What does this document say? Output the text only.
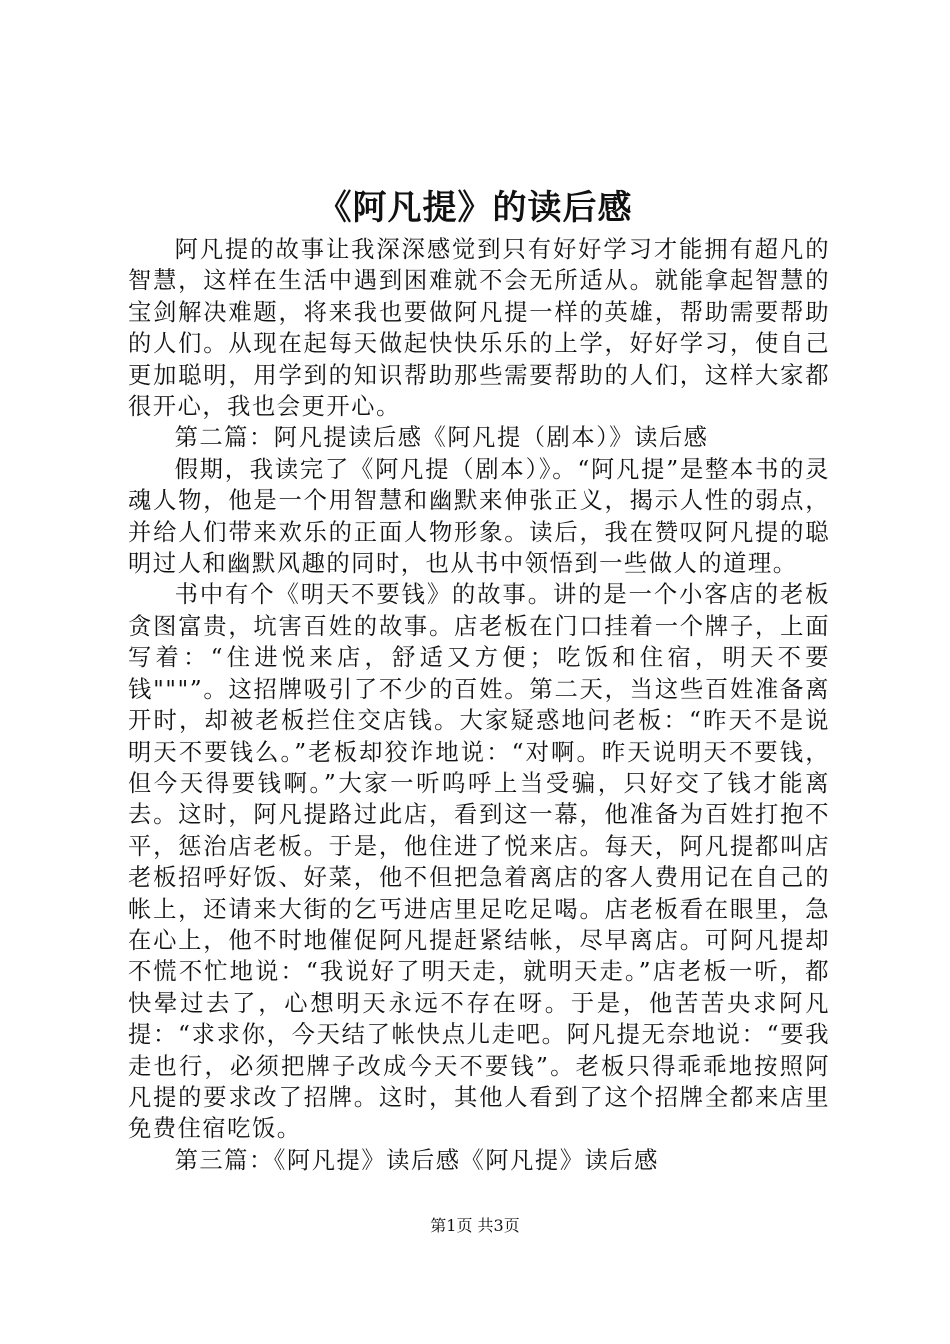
《阿凡提》的读后感

阿凡提的故事让我深深感觉到只有好好学习才能拥有超凡的智慧，这样在生活中遇到困难就不会无所适从。就能拿起智慧的宝剑解决难题，将来我也要做阿凡提一样的英雄，帮助需要帮助的人们。从现在起每天做起快快乐乐的上学，好好学习，使自己更加聪明，用学到的知识帮助那些需要帮助的人们，这样大家都很开心，我也会更开心。

第二篇：阿凡提读后感《阿凡提（剧本）》读后感

假期，我读完了《阿凡提（剧本）》。“阿凡提”是整本书的灵魂人物，他是一个用智慧和幽默来伸张正义，揭示人性的弱点，并给人们带来欢乐的正面人物形象。读后，我在赞叹阿凡提的聪明过人和幽默风趣的同时，也从书中领悟到一些做人的道理。

书中有个《明天不要钱》的故事。讲的是一个小客店的老板贪图富贵，坑害百姓的故事。店老板在门口挂着一个牌子，上面写着：“住进悦来店，舒适又方便；吃饭和住宿，明天不要钱"""”。这招牌吸引了不少的百姓。第二天，当这些百姓准备离开时，却被老板拦住交店钱。大家疑惑地问老板：“昨天不是说明天不要钱么。”老板却狡诈地说：“对啊。昨天说明天不要钱，但今天得要钱啊。”大家一听呜呼上当受骗，只好交了钱才能离去。这时，阿凡提路过此店，看到这一幕，他准备为百姓打抱不平，惩治店老板。于是，他住进了悦来店。每天，阿凡提都叫店老板招呼好饭、好菜，他不但把急着离店的客人费用记在自己的帐上，还请来大街的乞丐进店里足吃足喝。店老板看在眼里，急在心上，他不时地催促阿凡提赶紧结帐，尽早离店。可阿凡提却不慌不忙地说：“我说好了明天走，就明天走。”店老板一听，都快晕过去了，心想明天永远不存在呀。于是，他苦苦央求阿凡提：“求求你，今天结了帐快点儿走吧。阿凡提无奈地说：“要我走也行，必须把牌子改成今天不要钱”。老板只得乖乖地按照阿凡提的要求改了招牌。这时，其他人看到了这个招牌全都来店里免费住宿吃饭。

第三篇：《阿凡提》读后感《阿凡提》读后感

第1页 共3页
